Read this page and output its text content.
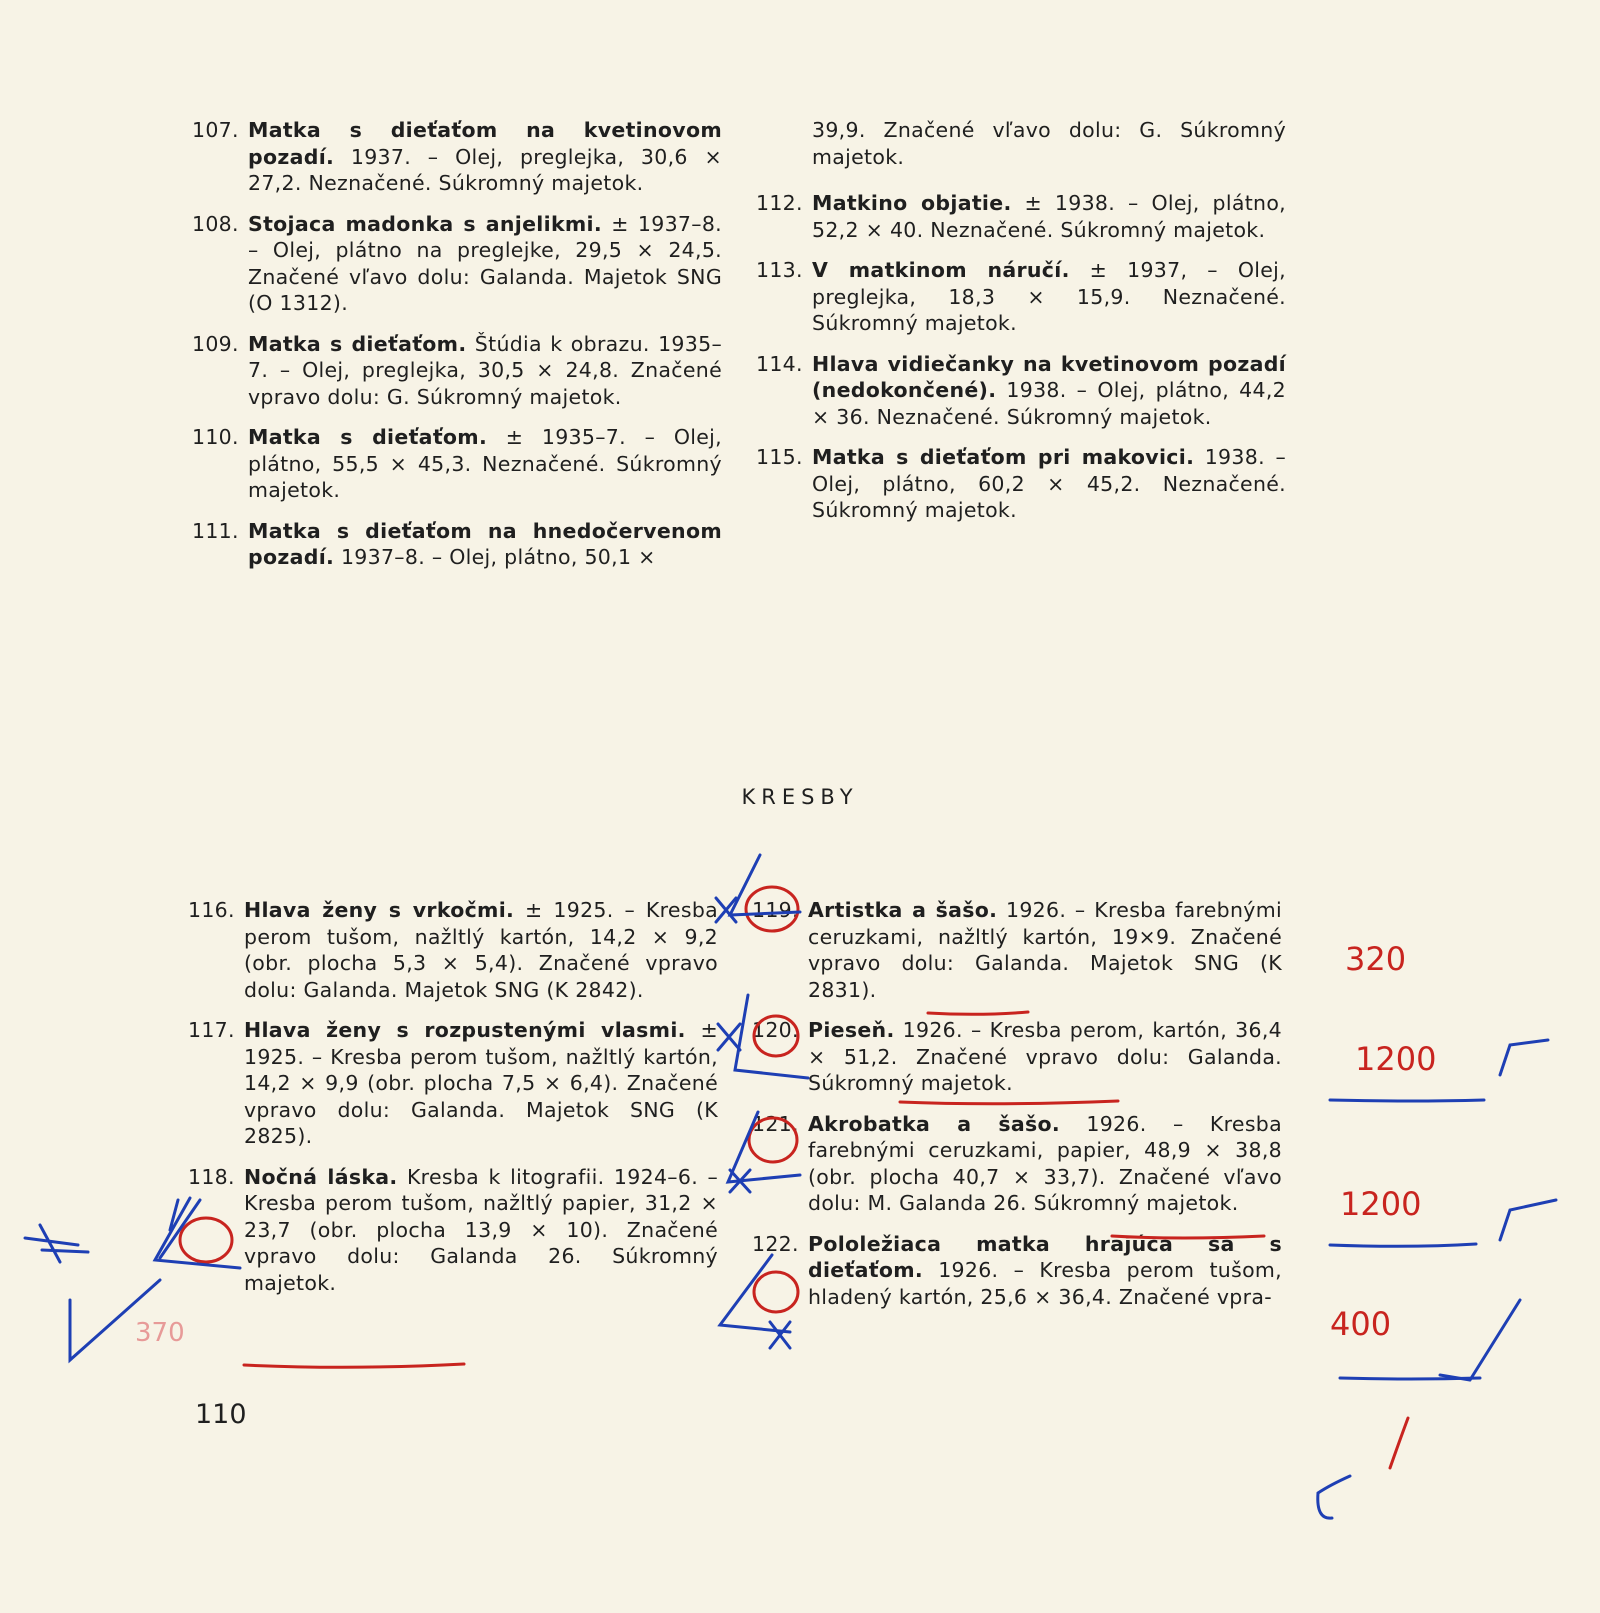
107. Matka s dieťaťom na kvetinovom pozadí. 1937. – Olej, preglejka, 30,6 × 27,2. Neznačené. Súkromný majetok.
108. Stojaca madonka s anjelikmi. ± 1937–8. – Olej, plátno na preglejke, 29,5 × 24,5. Značené vľavo dolu: Galanda. Majetok SNG (O 1312).
109. Matka s dieťaťom. Štúdia k obrazu. 1935–7. – Olej, preglejka, 30,5 × 24,8. Značené vpravo dolu: G. Súkromný majetok.
110. Matka s dieťaťom. ± 1935–7. – Olej, plátno, 55,5 × 45,3. Neznačené. Súkromný majetok.
111. Matka s dieťaťom na hnedočervenom pozadí. 1937–8. – Olej, plátno, 50,1 ×
39,9. Značené vľavo dolu: G. Súkromný majetok.
112. Matkino objatie. ± 1938. – Olej, plátno, 52,2 × 40. Neznačené. Súkromný majetok.
113. V matkinom náručí. ± 1937, – Olej, preglejka, 18,3 × 15,9. Neznačené. Súkromný majetok.
114. Hlava vidiečanky na kvetinovom pozadí (nedokončené). 1938. – Olej, plátno, 44,2 × 36. Neznačené. Súkromný majetok.
115. Matka s dieťaťom pri makovici. 1938. – Olej, plátno, 60,2 × 45,2. Neznačené. Súkromný majetok.
KRESBY
116. Hlava ženy s vrkočmi. ± 1925. – Kresba perom tušom, nažltlý kartón, 14,2 × 9,2 (obr. plocha 5,3 × 5,4). Značené vpravo dolu: Galanda. Majetok SNG (K 2842).
117. Hlava ženy s rozpustenými vlasmi. ± 1925. – Kresba perom tušom, nažltlý kartón, 14,2 × 9,9 (obr. plocha 7,5 × 6,4). Značené vpravo dolu: Galanda. Majetok SNG (K 2825).
118. Nočná láska. Kresba k litografii. 1924–6. – Kresba perom tušom, nažltlý papier, 31,2 × 23,7 (obr. plocha 13,9 × 10). Značené vpravo dolu: Galanda 26. Súkromný majetok.
119. Artistka a šašo. 1926. – Kresba farebnými ceruzkami, nažltlý kartón, 19×9. Značené vpravo dolu: Galanda. Majetok SNG (K 2831).
120. Pieseň. 1926. – Kresba perom, kartón, 36,4 × 51,2. Značené vpravo dolu: Galanda. Súkromný majetok.
121. Akrobatka a šašo. 1926. – Kresba farebnými ceruzkami, papier, 48,9 × 38,8 (obr. plocha 40,7 × 33,7). Značené vľavo dolu: M. Galanda 26. Súkromný majetok.
122. Pololežiaca matka hrajúca sa s dieťaťom. 1926. – Kresba perom tušom, hladený kartón, 25,6 × 36,4. Značené vpra-
110
320
1200
1200
400
370
